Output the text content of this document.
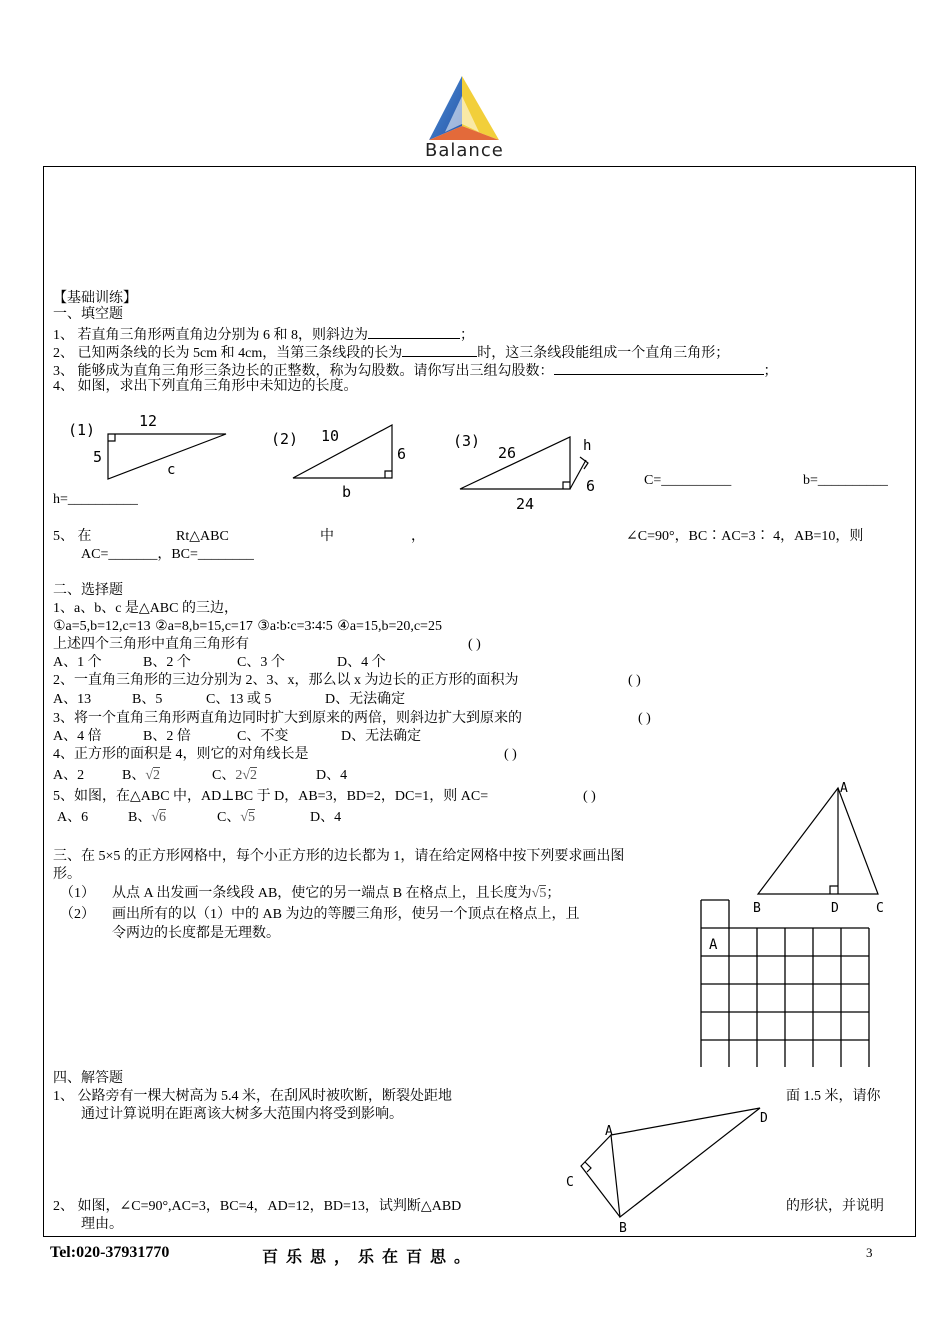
Balance
【基础训练】
一、填空题
1、 若直角三角形两直角边分别为 6 和 8，则斜边为	；
2、 已知两条线的长为 5cm 和 4cm，当第三条线段的长为	时，这三条线段能组成一个直角三角形；
3、 能够成为直角三角形三条边长的正整数，称为勾股数。请你写出三组勾股数：	；
4、 如图，求出下列直角三角形中未知边的长度。
(1)	12
5
c
(2) 10
6
b
(3)
26
24
h
6	C=__________	b=__________
h=__________
5、 在	Rt△ABC	中	，	∠C=90°，BC∶AC=3∶ 4，AB=10，则
AC=_______，BC=________
二、选择题
1、a、b、c 是△ABC 的三边，
①a=5,b=12,c=13 ②a=8,b=15,c=17 ③a∶b∶c=3∶4∶5 ④a=15,b=20,c=25
上述四个三角形中直角三角形有	( )
A、1 个	B、2 个	C、3 个	D、4 个
2、一直角三角形的三边分别为 2、3、x，那么以 x 为边长的正方形的面积为	( )
A、13	B、5	C、13 或 5	D、无法确定
3、将一个直角三角形两直角边同时扩大到原来的两倍，则斜边扩大到原来的	( )
A、4 倍	B、2 倍	C、不变	D、无法确定
4、正方形的面积是 4，则它的对角线长是	( )
A、2	B、√2	C、2√2	D、4
5、如图，在△ABC 中，AD⊥BC 于 D，AB=3，BD=2，DC=1，则 AC=	( )
A、6	B、√6	C、√5	D、4
A
B	D	C
三、在 5×5 的正方形网格中，每个小正方形的边长都为 1，请在给定网格中按下列要求画出图
形。
（1） 从点 A 出发画一条线段 AB，使它的另一端点 B 在格点上，且长度为√5；
（2） 画出所有的以（1）中的 AB 为边的等腰三角形，使另一个顶点在格点上，且
令两边的长度都是无理数。
A
四、解答题
1、 公路旁有一棵大树高为 5.4 米，在刮风时被吹断，断裂处距地	面 1.5 米，请你
通过计算说明在距离该大树多大范围内将受到影响。
A
D
C
B
2、 如图，∠C=90°,AC=3，BC=4，AD=12，BD=13，试判断△ABD	的形状，并说明
理由。
Tel:020-37931770	百 乐 思 ， 乐 在 百 思 。	3
